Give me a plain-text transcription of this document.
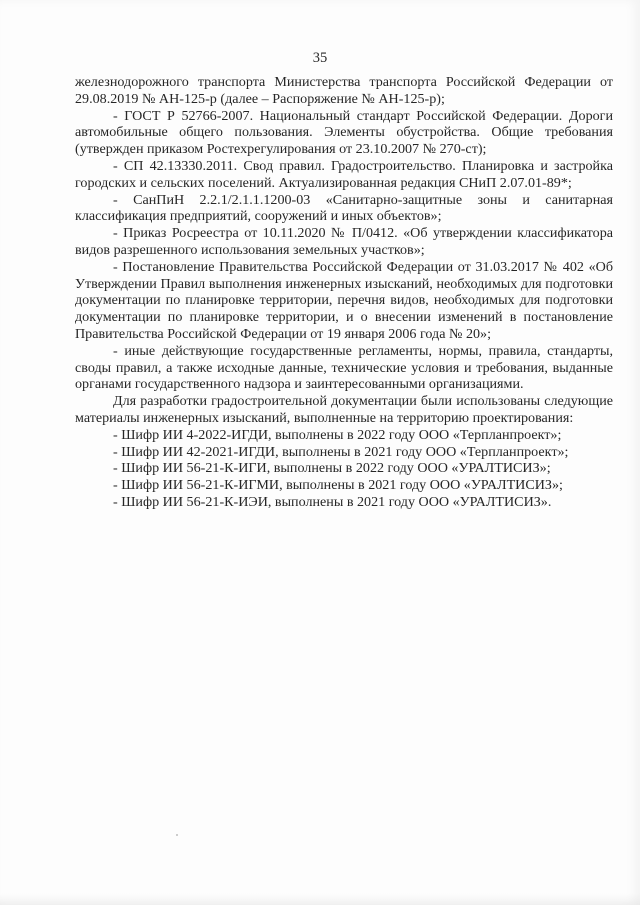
35

железнодорожного транспорта Министерства транспорта Российской Федерации от 29.08.2019 № АН-125-р (далее – Распоряжение № АН-125-р);

- ГОСТ Р 52766-2007. Национальный стандарт Российской Федерации. Дороги автомобильные общего пользования. Элементы обустройства. Общие требования (утвержден приказом Ростехрегулирования от 23.10.2007 № 270-ст);

- СП 42.13330.2011. Свод правил. Градостроительство. Планировка и застройка городских и сельских поселений. Актуализированная редакция СНиП 2.07.01-89*;

- СанПиН 2.2.1/2.1.1.1200-03 «Санитарно-защитные зоны и санитарная классификация предприятий, сооружений и иных объектов»;

- Приказ Росреестра от 10.11.2020 № П/0412. «Об утверждении классификатора видов разрешенного использования земельных участков»;

- Постановление Правительства Российской Федерации от 31.03.2017 № 402 «Об Утверждении Правил выполнения инженерных изысканий, необходимых для подготовки документации по планировке территории, перечня видов, необходимых для подготовки документации по планировке территории, и о внесении изменений в постановление Правительства Российской Федерации от 19 января 2006 года № 20»;

- иные действующие государственные регламенты, нормы, правила, стандарты, своды правил, а также исходные данные, технические условия и требования, выданные органами государственного надзора и заинтересованными организациями.

Для разработки градостроительной документации были использованы следующие материалы инженерных изысканий, выполненные на территорию проектирования:

- Шифр ИИ 4-2022-ИГДИ, выполнены в 2022 году ООО «Терпланпроект»;

- Шифр ИИ 42-2021-ИГДИ, выполнены в 2021 году ООО «Терпланпроект»;

- Шифр ИИ 56-21-К-ИГИ, выполнены в 2022 году ООО «УРАЛТИСИЗ»;

- Шифр ИИ 56-21-К-ИГМИ, выполнены в 2021 году ООО «УРАЛТИСИЗ»;

- Шифр ИИ 56-21-К-ИЭИ, выполнены в 2021 году ООО «УРАЛТИСИЗ».
